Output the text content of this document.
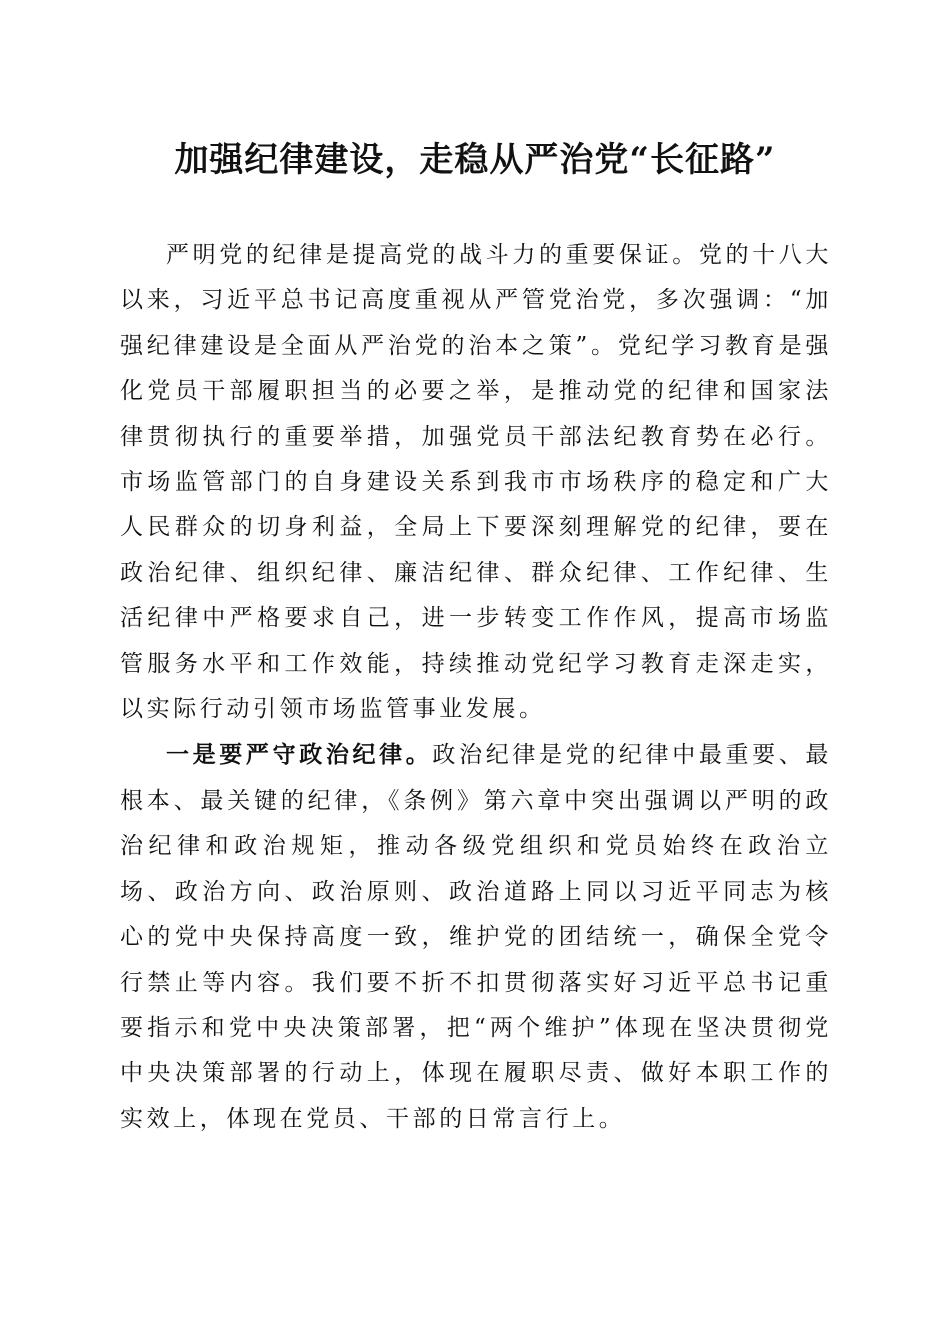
加强纪律建设，走稳从严治党“长征路”

严明党的纪律是提高党的战斗力的重要保证。党的十八大以来，习近平总书记高度重视从严管党治党，多次强调：“加强纪律建设是全面从严治党的治本之策”。党纪学习教育是强化党员干部履职担当的必要之举，是推动党的纪律和国家法律贯彻执行的重要举措，加强党员干部法纪教育势在必行。市场监管部门的自身建设关系到我市市场秩序的稳定和广大人民群众的切身利益，全局上下要深刻理解党的纪律，要在政治纪律、组织纪律、廉洁纪律、群众纪律、工作纪律、生活纪律中严格要求自己，进一步转变工作作风，提高市场监管服务水平和工作效能，持续推动党纪学习教育走深走实，以实际行动引领市场监管事业发展。

一是要严守政治纪律。政治纪律是党的纪律中最重要、最根本、最关键的纪律，《条例》第六章中突出强调以严明的政治纪律和政治规矩，推动各级党组织和党员始终在政治立场、政治方向、政治原则、政治道路上同以习近平同志为核心的党中央保持高度一致，维护党的团结统一，确保全党令行禁止等内容。我们要不折不扣贯彻落实好习近平总书记重要指示和党中央决策部署，把“两个维护”体现在坚决贯彻党中央决策部署的行动上，体现在履职尽责、做好本职工作的实效上，体现在党员、干部的日常言行上。
